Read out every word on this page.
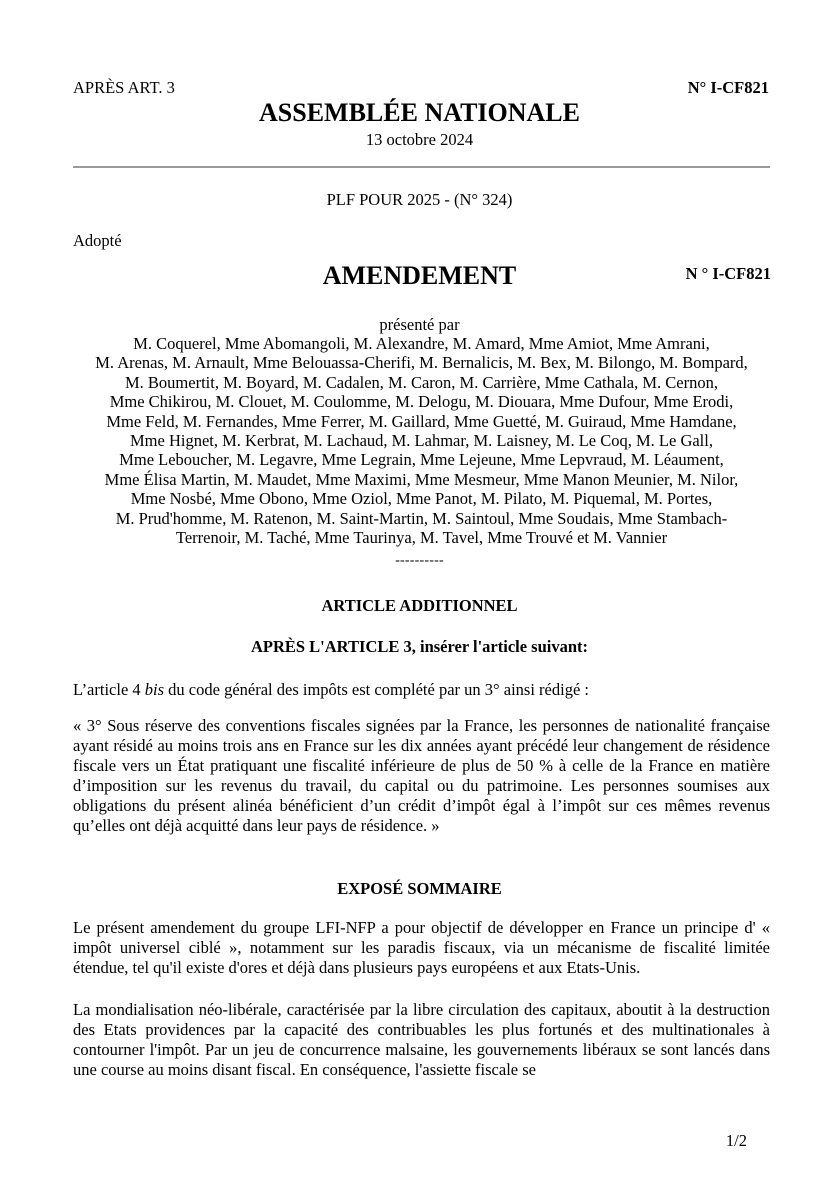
APRÈS ART. 3	N° I-CF821
ASSEMBLÉE NATIONALE
13 octobre 2024
PLF POUR 2025 - (N° 324)
Adopté
AMENDEMENT	N ° I-CF821
présenté par
M. Coquerel, Mme Abomangoli, M. Alexandre, M. Amard, Mme Amiot, Mme Amrani,
M. Arenas, M. Arnault, Mme Belouassa-Cherifi, M. Bernalicis, M. Bex, M. Bilongo, M. Bompard,
M. Boumertit, M. Boyard, M. Cadalen, M. Caron, M. Carrière, Mme Cathala, M. Cernon,
Mme Chikirou, M. Clouet, M. Coulomme, M. Delogu, M. Diouara, Mme Dufour, Mme Erodi,
Mme Feld, M. Fernandes, Mme Ferrer, M. Gaillard, Mme Guetté, M. Guiraud, Mme Hamdane,
Mme Hignet, M. Kerbrat, M. Lachaud, M. Lahmar, M. Laisney, M. Le Coq, M. Le Gall,
Mme Leboucher, M. Legavre, Mme Legrain, Mme Lejeune, Mme Lepvraud, M. Léaument,
Mme Élisa Martin, M. Maudet, Mme Maximi, Mme Mesmeur, Mme Manon Meunier, M. Nilor,
Mme Nosbé, Mme Obono, Mme Oziol, Mme Panot, M. Pilato, M. Piquemal, M. Portes,
M. Prud'homme, M. Ratenon, M. Saint-Martin, M. Saintoul, Mme Soudais, Mme Stambach-
Terrenoir, M. Taché, Mme Taurinya, M. Tavel, Mme Trouvé et M. Vannier
----------
ARTICLE ADDITIONNEL
APRÈS L'ARTICLE 3, insérer l'article suivant:
L’article 4 bis du code général des impôts est complété par un 3° ainsi rédigé :
« 3° Sous réserve des conventions fiscales signées par la France, les personnes de nationalité française ayant résidé au moins trois ans en France sur les dix années ayant précédé leur changement de résidence fiscale vers un État pratiquant une fiscalité inférieure de plus de 50 % à celle de la France en matière d’imposition sur les revenus du travail, du capital ou du patrimoine. Les personnes soumises aux obligations du présent alinéa bénéficient d’un crédit d’impôt égal à l’impôt sur ces mêmes revenus qu’elles ont déjà acquitté dans leur pays de résidence. »
EXPOSÉ SOMMAIRE
Le présent amendement du groupe LFI-NFP a pour objectif de développer en France un principe d' « impôt universel ciblé », notamment sur les paradis fiscaux, via un mécanisme de fiscalité limitée étendue, tel qu'il existe d'ores et déjà dans plusieurs pays européens et aux Etats-Unis.
La mondialisation néo-libérale, caractérisée par la libre circulation des capitaux, aboutit à la destruction des Etats providences par la capacité des contribuables les plus fortunés et des multinationales à contourner l'impôt. Par un jeu de concurrence malsaine, les gouvernements libéraux se sont lancés dans une course au moins disant fiscal. En conséquence, l'assiette fiscale se
1/2
